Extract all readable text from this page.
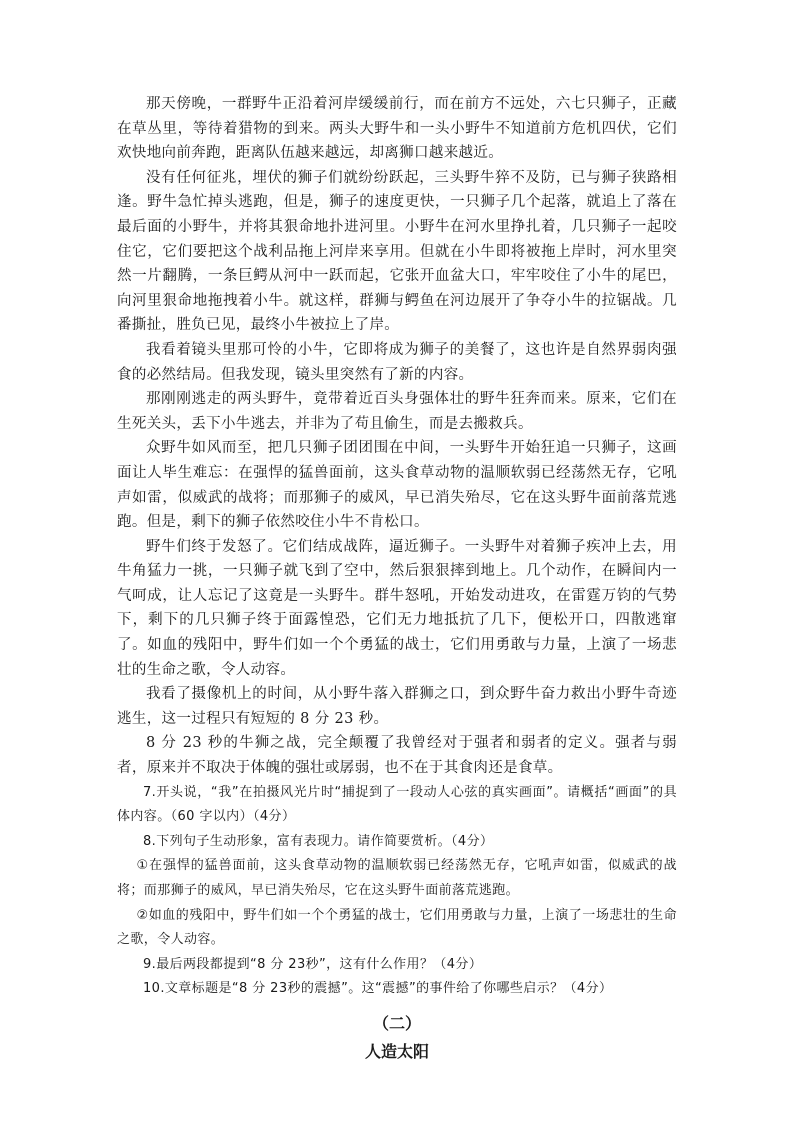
那天傍晚，一群野牛正沿着河岸缓缓前行，而在前方不远处，六七只狮子，正藏在草丛里，等待着猎物的到来。两头大野牛和一头小野牛不知道前方危机四伏，它们欢快地向前奔跑，距离队伍越来越远，却离狮口越来越近。

没有任何征兆，埋伏的狮子们就纷纷跃起，三头野牛猝不及防，已与狮子狭路相逢。野牛急忙掉头逃跑，但是，狮子的速度更快，一只狮子几个起落，就追上了落在最后面的小野牛，并将其狠命地扑进河里。小野牛在河水里挣扎着，几只狮子一起咬住它，它们要把这个战利品拖上河岸来享用。但就在小牛即将被拖上岸时，河水里突然一片翻腾，一条巨鳄从河中一跃而起，它张开血盆大口，牢牢咬住了小牛的尾巴，向河里狠命地拖拽着小牛。就这样，群狮与鳄鱼在河边展开了争夺小牛的拉锯战。几番撕扯，胜负已见，最终小牛被拉上了岸。

我看着镜头里那可怜的小牛，它即将成为狮子的美餐了，这也许是自然界弱肉强食的必然结局。但我发现，镜头里突然有了新的内容。

那刚刚逃走的两头野牛，竟带着近百头身强体壮的野牛狂奔而来。原来，它们在生死关头，丢下小牛逃去，并非为了苟且偷生，而是去搬救兵。

众野牛如风而至，把几只狮子团团围在中间，一头野牛开始狂追一只狮子，这画面让人毕生难忘：在强悍的猛兽面前，这头食草动物的温顺软弱已经荡然无存，它吼声如雷，似威武的战将；而那狮子的威风，早已消失殆尽，它在这头野牛面前落荒逃跑。但是，剩下的狮子依然咬住小牛不肯松口。

野牛们终于发怒了。它们结成战阵，逼近狮子。一头野牛对着狮子疾冲上去，用牛角猛力一挑，一只狮子就飞到了空中，然后狠狠摔到地上。几个动作，在瞬间内一气呵成，让人忘记了这竟是一头野牛。群牛怒吼，开始发动进攻，在雷霆万钧的气势下，剩下的几只狮子终于面露惶恐，它们无力地抵抗了几下，便松开口，四散逃窜了。如血的残阳中，野牛们如一个个勇猛的战士，它们用勇敢与力量，上演了一场悲壮的生命之歌，令人动容。

我看了摄像机上的时间，从小野牛落入群狮之口，到众野牛奋力救出小野牛奇迹逃生，这一过程只有短短的 8 分 23 秒。

8 分 23 秒的牛狮之战，完全颠覆了我曾经对于强者和弱者的定义。强者与弱者，原来并不取决于体魄的强壮或孱弱，也不在于其食肉还是食草。

7.开头说，“我”在拍摄风光片时“捕捉到了一段动人心弦的真实画面”。请概括“画面”的具体内容。（60 字以内）（4分）

8.下列句子生动形象，富有表现力。请作简要赏析。（4分）

①在强悍的猛兽面前，这头食草动物的温顺软弱已经荡然无存，它吼声如雷，似威武的战将；而那狮子的威风，早已消失殆尽，它在这头野牛面前落荒逃跑。

②如血的残阳中，野牛们如一个个勇猛的战士，它们用勇敢与力量，上演了一场悲壮的生命之歌，令人动容。

9.最后两段都提到“8 分 23秒”，这有什么作用？（4分）

10.文章标题是“8 分 23秒的震撼”。这“震撼”的事件给了你哪些启示？（4分）

（二）
人造太阳
